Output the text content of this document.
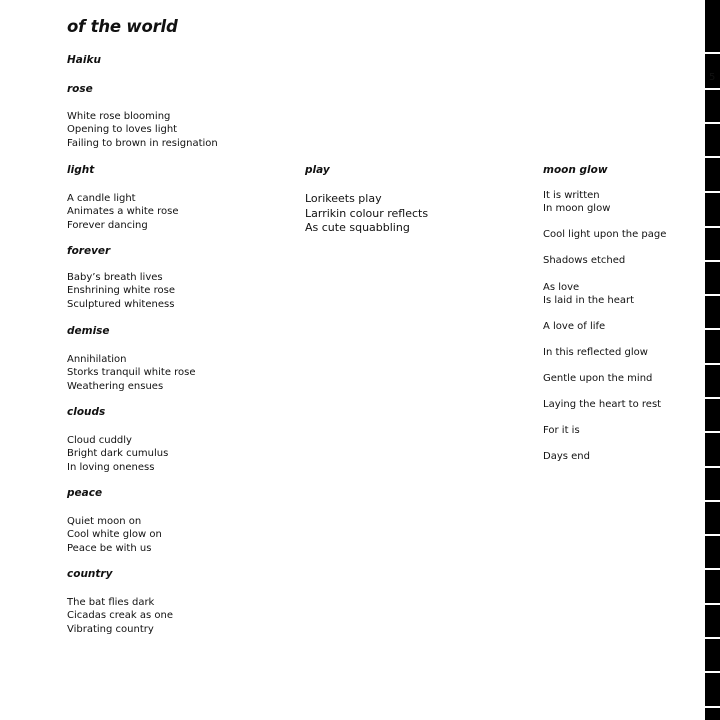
of the world
Haiku
rose
White rose blooming
Opening to loves light
Failing to brown in resignation
light
A candle light
Animates a white rose
Forever dancing
forever
Baby’s breath lives
Enshrining white rose
Sculptured whiteness
demise
Annihilation
Storks tranquil white rose
Weathering ensues
clouds
Cloud cuddly
Bright dark cumulus
In loving oneness
peace
Quiet moon on
Cool white glow on
Peace be with us
country
The bat flies dark
Cicadas creak as one
Vibrating country
play
Lorikeets play
Larrikin colour reflects
As cute squabbling
moon glow
It is written
In moon glow
Cool light upon the page
Shadows etched
As love
Is laid in the heart
A love of life
In this reflected glow
Gentle upon the mind
Laying the heart to rest
For it is
Days end
5
